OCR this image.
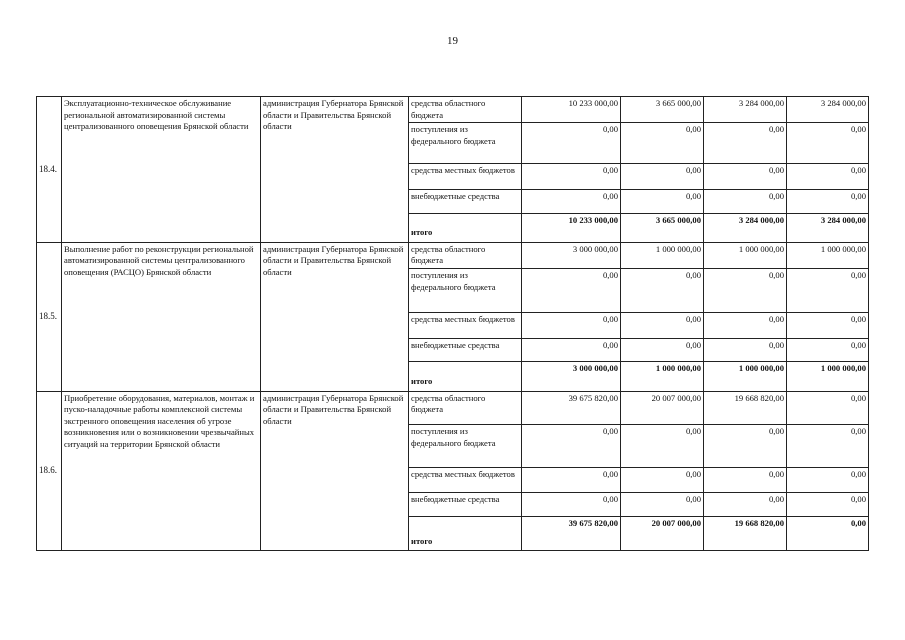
19
18.4.	Эксплуатационно-техническое обслуживание региональной автоматизированной системы централизованного оповещения Брянской области	администрация Губернатора Брянской области и Правительства Брянской области	средства областного бюджета	10 233 000,00	3 665 000,00	3 284 000,00	3 284 000,00
			поступления из федерального бюджета	0,00	0,00	0,00	0,00
			средства местных бюджетов	0,00	0,00	0,00	0,00
			внебюджетные средства	0,00	0,00	0,00	0,00
			итого	10 233 000,00	3 665 000,00	3 284 000,00	3 284 000,00
18.5.	Выполнение работ по реконструкции региональной автоматизированной системы централизованного оповещения (РАСЦО) Брянской области	администрация Губернатора Брянской области и Правительства Брянской области	средства областного бюджета	3 000 000,00	1 000 000,00	1 000 000,00	1 000 000,00
			поступления из федерального бюджета	0,00	0,00	0,00	0,00
			средства местных бюджетов	0,00	0,00	0,00	0,00
			внебюджетные средства	0,00	0,00	0,00	0,00
			итого	3 000 000,00	1 000 000,00	1 000 000,00	1 000 000,00
18.6.	Приобретение оборудования, материалов, монтаж и пуско-наладочные работы комплексной системы экстренного оповещения населения об угрозе возникновения или о возникновении чрезвычайных ситуаций на территории Брянской области	администрация Губернатора Брянской области и Правительства Брянской области	средства областного бюджета	39 675 820,00	20 007 000,00	19 668 820,00	0,00
			поступления из федерального бюджета	0,00	0,00	0,00	0,00
			средства местных бюджетов	0,00	0,00	0,00	0,00
			внебюджетные средства	0,00	0,00	0,00	0,00
			итого	39 675 820,00	20 007 000,00	19 668 820,00	0,00
